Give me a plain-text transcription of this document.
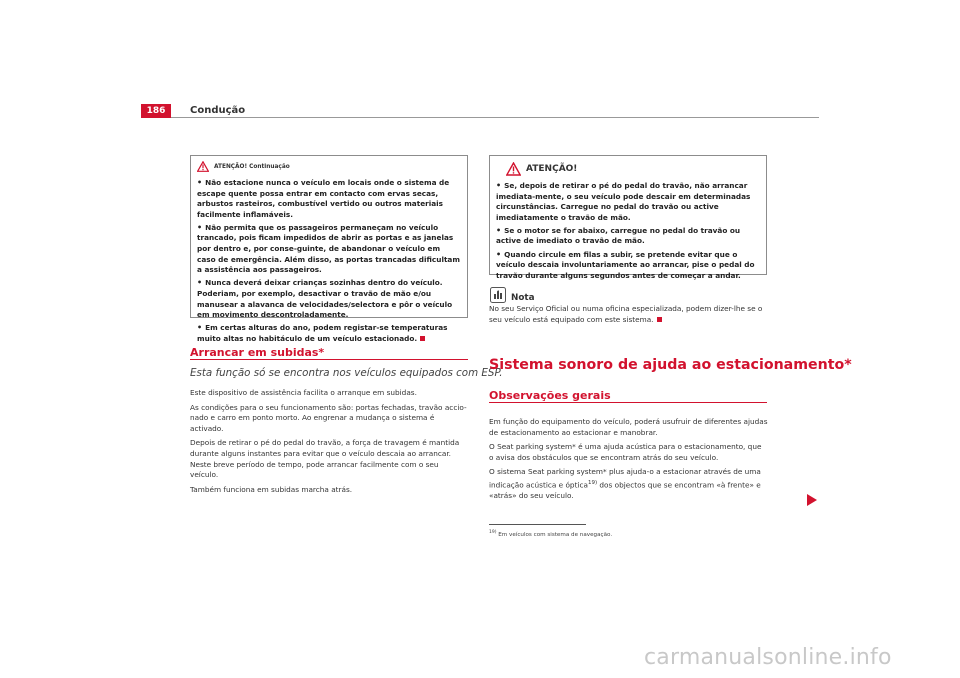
186	Condução
ATENÇÃO! Continuação

• Não estacione nunca o veículo em locais onde o sistema de escape quente possa entrar em contacto com ervas secas, arbustos rasteiros, combustível vertido ou outros materiais facilmente inflamáveis.

• Não permita que os passageiros permaneçam no veículo trancado, pois ficam impedidos de abrir as portas e as janelas por dentro e, por conse-guinte, de abandonar o veículo em caso de emergência. Além disso, as portas trancadas dificultam a assistência aos passageiros.

• Nunca deverá deixar crianças sozinhas dentro do veículo. Poderiam, por exemplo, desactivar o travão de mão e/ou manusear a alavanca de velocidades/selectora e pôr o veículo em movimento descontroladamente.

• Em certas alturas do ano, podem registar-se temperaturas muito altas no habitáculo de um veículo estacionado.

Arrancar em subidas*
Esta função só se encontra nos veículos equipados com ESP.

Este dispositivo de assistência facilita o arranque em subidas.

As condições para o seu funcionamento são: portas fechadas, travão accio-nado e carro em ponto morto. Ao engrenar a mudança o sistema é activado.

Depois de retirar o pé do pedal do travão, a força de travagem é mantida durante alguns instantes para evitar que o veículo descaia ao arrancar. Neste breve período de tempo, pode arrancar facilmente com o seu veículo.

Também funciona em subidas marcha atrás.

ATENÇÃO!

• Se, depois de retirar o pé do pedal do travão, não arrancar imediata-mente, o seu veículo pode descair em determinadas circunstâncias. Carregue no pedal do travão ou active imediatamente o travão de mão.

• Se o motor se for abaixo, carregue no pedal do travão ou active de imediato o travão de mão.

• Quando circule em filas a subir, se pretende evitar que o veículo descaia involuntariamente ao arrancar, pise o pedal do travão durante alguns segundos antes de começar a andar.

Nota
No seu Serviço Oficial ou numa oficina especializada, podem dizer-lhe se o seu veículo está equipado com este sistema.
Sistema sonoro de ajuda ao estacionamento*
Observações gerais

Em função do equipamento do veículo, poderá usufruir de diferentes ajudas de estacionamento ao estacionar e manobrar.

O Seat parking system* é uma ajuda acústica para o estacionamento, que o avisa dos obstáculos que se encontram atrás do seu veículo.

O sistema Seat parking system* plus ajuda-o a estacionar através de uma indicação acústica e óptica$^{19)}$ dos objectos que se encontram «à frente» e «atrás» do seu veículo.

$^{19)}$ Em veículos com sistema de navegação.
carmanualsonline.info
